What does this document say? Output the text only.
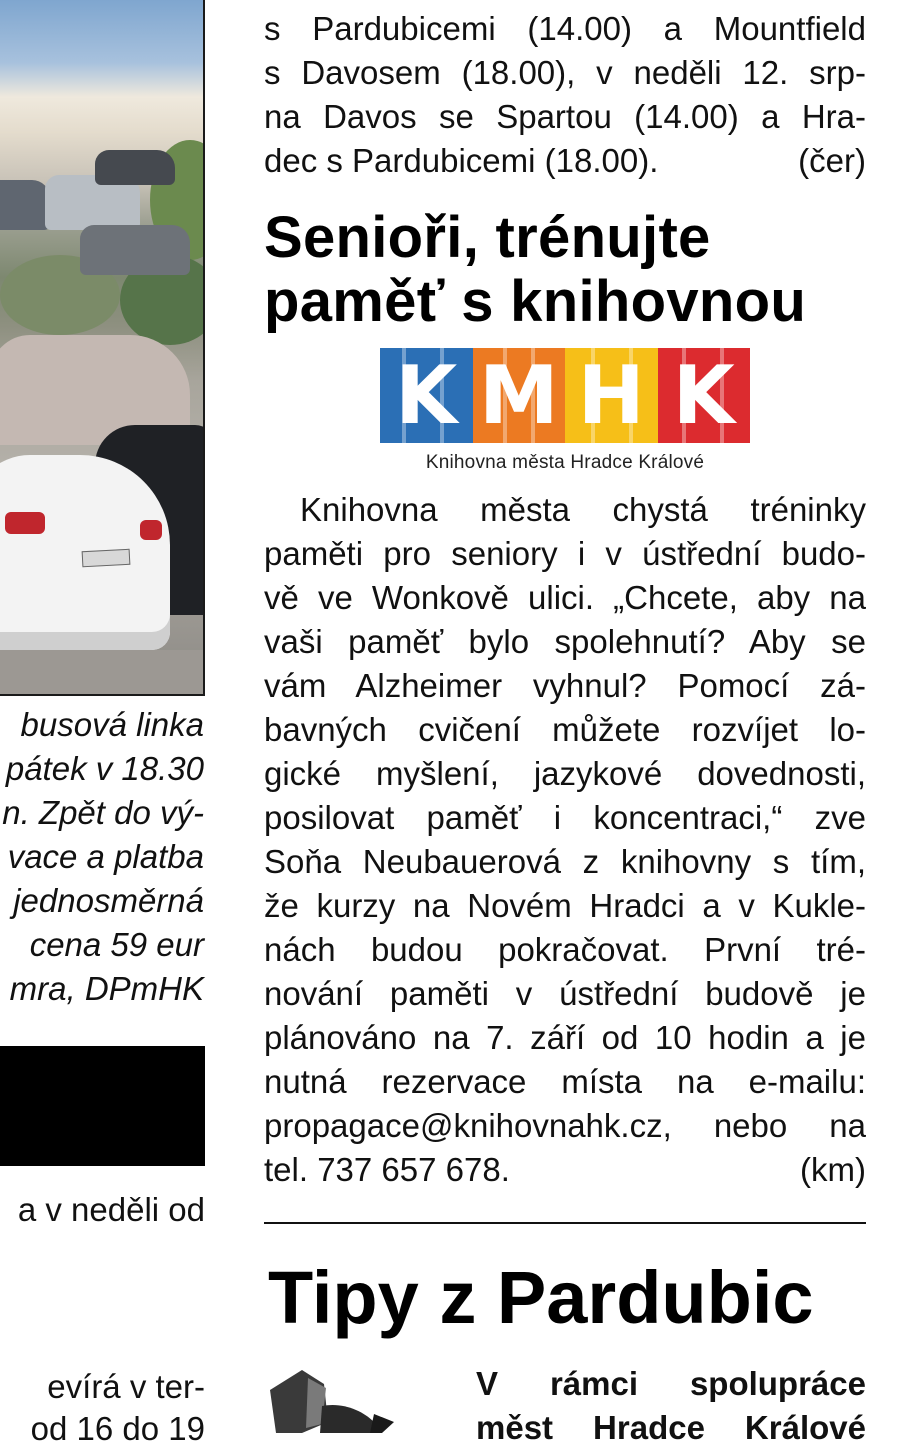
busová linka
pátek v 18.30
n. Zpět do vý-
vace a platba
jednosměrná
cena 59 eur
mra, DPmHK
a v neděli od
evírá v ter-
od 16 do 19
s Pardubicemi (14.00) a Mountfield
s Davosem (18.00), v neděli 12. srp-
na Davos se Spartou (14.00) a Hra-
dec s Pardubicemi (18.00).	(čer)
Senioři, trénujte
paměť s knihovnou
K M H K
Knihovna města Hradce Králové
Knihovna města chystá tréninky
paměti pro seniory i v ústřední budo-
vě ve Wonkově ulici. „Chcete, aby na
vaši paměť bylo spolehnutí? Aby se
vám Alzheimer vyhnul? Pomocí zá-
bavných cvičení můžete rozvíjet lo-
gické myšlení, jazykové dovednosti,
posilovat paměť i koncentraci,“ zve
Soňa Neubauerová z knihovny s tím,
že kurzy na Novém Hradci a v Kukle-
nách budou pokračovat. První tré-
nování paměti v ústřední budově je
plánováno na 7. září od 10 hodin a je
nutná rezervace místa na e-mailu:
propagace@knihovnahk.cz, nebo na
tel. 737 657 678.	(km)
Tipy z Pardubic
V rámci spolupráce
měst Hradce Králové
